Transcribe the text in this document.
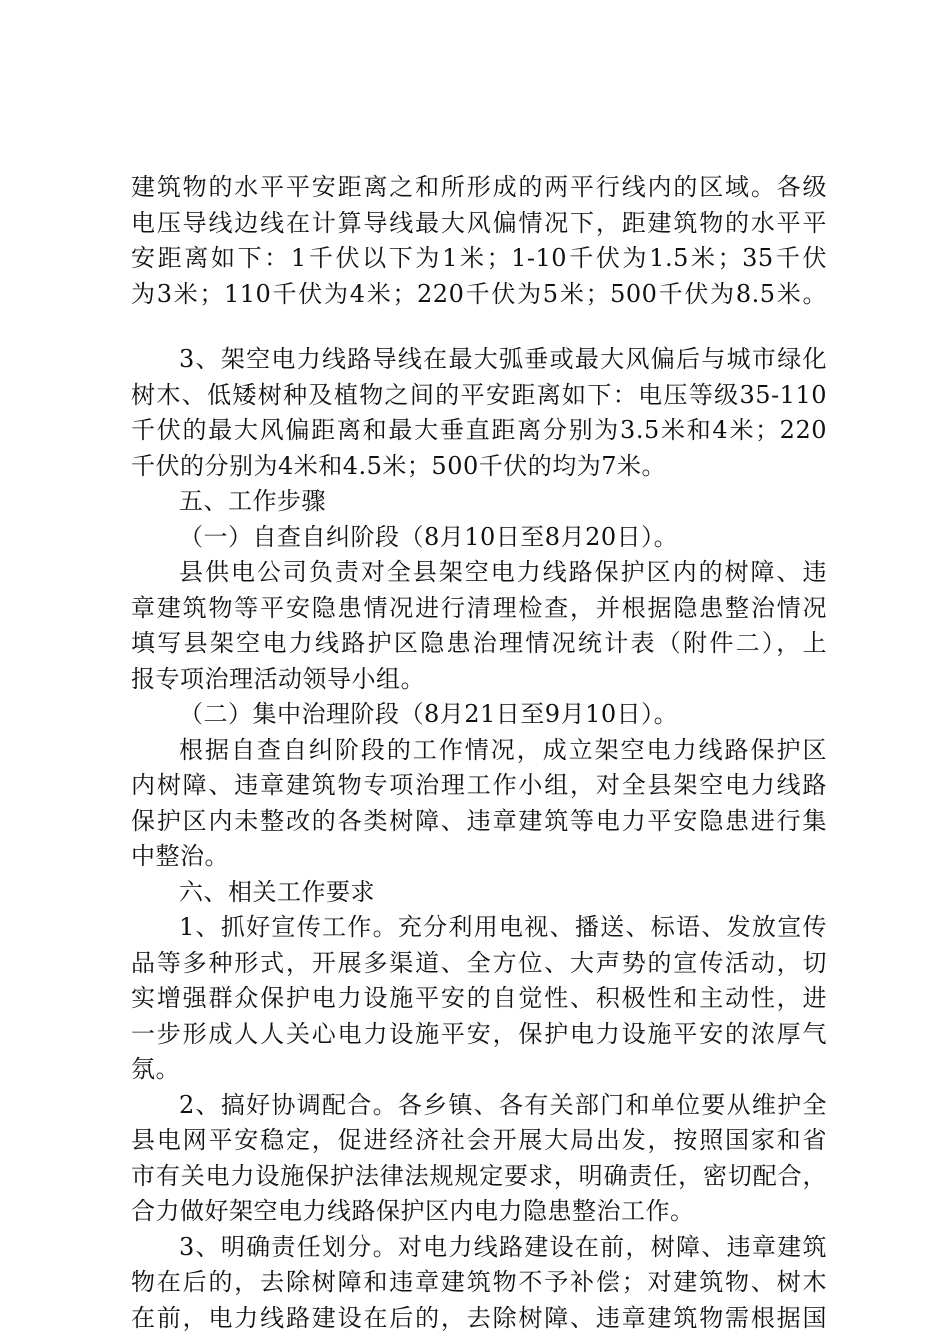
建筑物的水平平安距离之和所形成的两平行线内的区域。各级
电压导线边线在计算导线最大风偏情况下，距建筑物的水平平
安距离如下：1千伏以下为1米；1-10千伏为1.5米；35千伏
为3米；110千伏为4米；220千伏为5米；500千伏为8.5米。
3、架空电力线路导线在最大弧垂或最大风偏后与城市绿化
树木、低矮树种及植物之间的平安距离如下：电压等级35-110
千伏的最大风偏距离和最大垂直距离分别为3.5米和4米；220
千伏的分别为4米和4.5米；500千伏的均为7米。
五、工作步骤
（一）自查自纠阶段（8月10日至8月20日）。
县供电公司负责对全县架空电力线路保护区内的树障、违
章建筑物等平安隐患情况进行清理检查，并根据隐患整治情况
填写县架空电力线路护区隐患治理情况统计表（附件二），上
报专项治理活动领导小组。
（二）集中治理阶段（8月21日至9月10日）。
根据自查自纠阶段的工作情况，成立架空电力线路保护区
内树障、违章建筑物专项治理工作小组，对全县架空电力线路
保护区内未整改的各类树障、违章建筑等电力平安隐患进行集
中整治。
六、相关工作要求
1、抓好宣传工作。充分利用电视、播送、标语、发放宣传
品等多种形式，开展多渠道、全方位、大声势的宣传活动，切
实增强群众保护电力设施平安的自觉性、积极性和主动性，进
一步形成人人关心电力设施平安，保护电力设施平安的浓厚气
氛。
2、搞好协调配合。各乡镇、各有关部门和单位要从维护全
县电网平安稳定，促进经济社会开展大局出发，按照国家和省
市有关电力设施保护法律法规规定要求，明确责任，密切配合，
合力做好架空电力线路保护区内电力隐患整治工作。
3、明确责任划分。对电力线路建设在前，树障、违章建筑
物在后的，去除树障和违章建筑物不予补偿；对建筑物、树木
在前，电力线路建设在后的，去除树障、违章建筑物需根据国
